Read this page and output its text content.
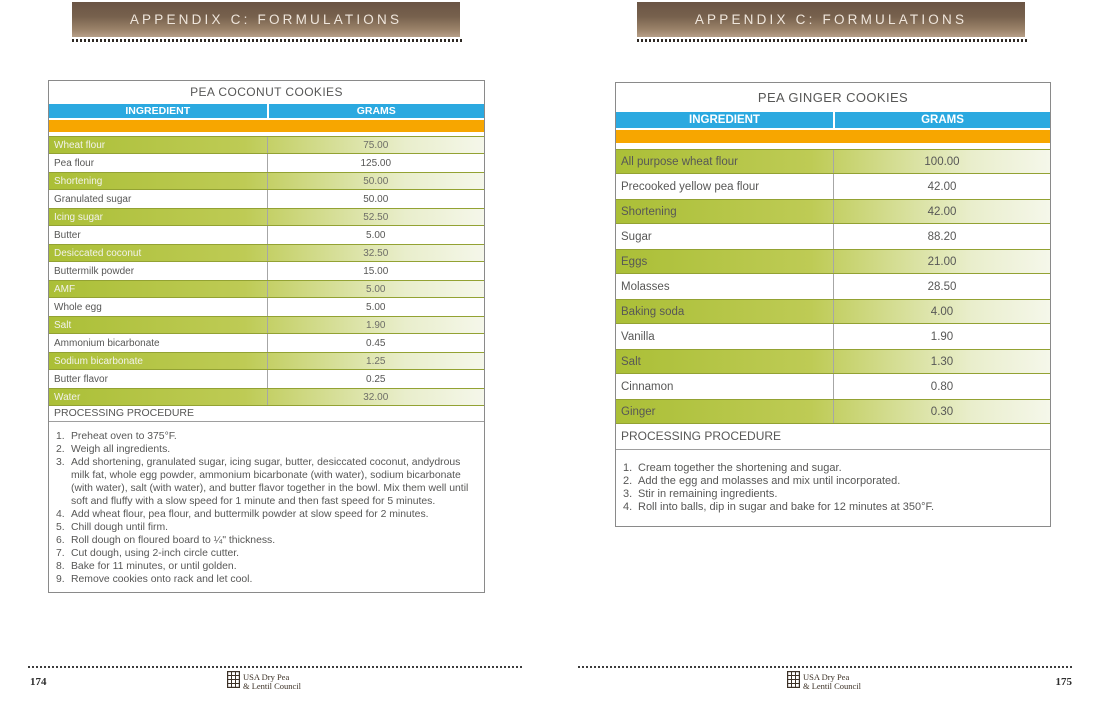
APPENDIX C: FORMULATIONS	APPENDIX C: FORMULATIONS
PEA COCONUT COOKIES
INGREDIENT	GRAMS
Wheat flour	75.00
Pea flour	125.00
Shortening	50.00
Granulated sugar	50.00
Icing sugar	52.50
Butter	5.00
Desiccated coconut	32.50
Buttermilk powder	15.00
AMF	5.00
Whole egg	5.00
Salt	1.90
Ammonium bicarbonate	0.45
Sodium bicarbonate	1.25
Butter flavor	0.25
Water	32.00
PROCESSING PROCEDURE
1. Preheat oven to 375°F.
2. Weigh all ingredients.
3. Add shortening, granulated sugar, icing sugar, butter, desiccated coconut, andydrous milk fat, whole egg powder, ammonium bicarbonate (with water), sodium bicarbonate (with water), salt (with water), and butter flavor together in the bowl. Mix them well until soft and fluffy with a slow speed for 1 minute and then fast speed for 5 minutes.
4. Add wheat flour, pea flour, and buttermilk powder at slow speed for 2 minutes.
5. Chill dough until firm.
6. Roll dough on floured board to ¼" thickness.
7. Cut dough, using 2-inch circle cutter.
8. Bake for 11 minutes, or until golden.
9. Remove cookies onto rack and let cool.
PEA GINGER COOKIES
INGREDIENT	GRAMS
All purpose wheat flour	100.00
Precooked yellow pea flour	42.00
Shortening	42.00
Sugar	88.20
Eggs	21.00
Molasses	28.50
Baking soda	4.00
Vanilla	1.90
Salt	1.30
Cinnamon	0.80
Ginger	0.30
PROCESSING PROCEDURE
1. Cream together the shortening and sugar.
2. Add the egg and molasses and mix until incorporated.
3. Stir in remaining ingredients.
4. Roll into balls, dip in sugar and bake for 12 minutes at 350°F.
174	175
USA Dry Pea
& Lentil Council
USA Dry Pea
& Lentil Council
